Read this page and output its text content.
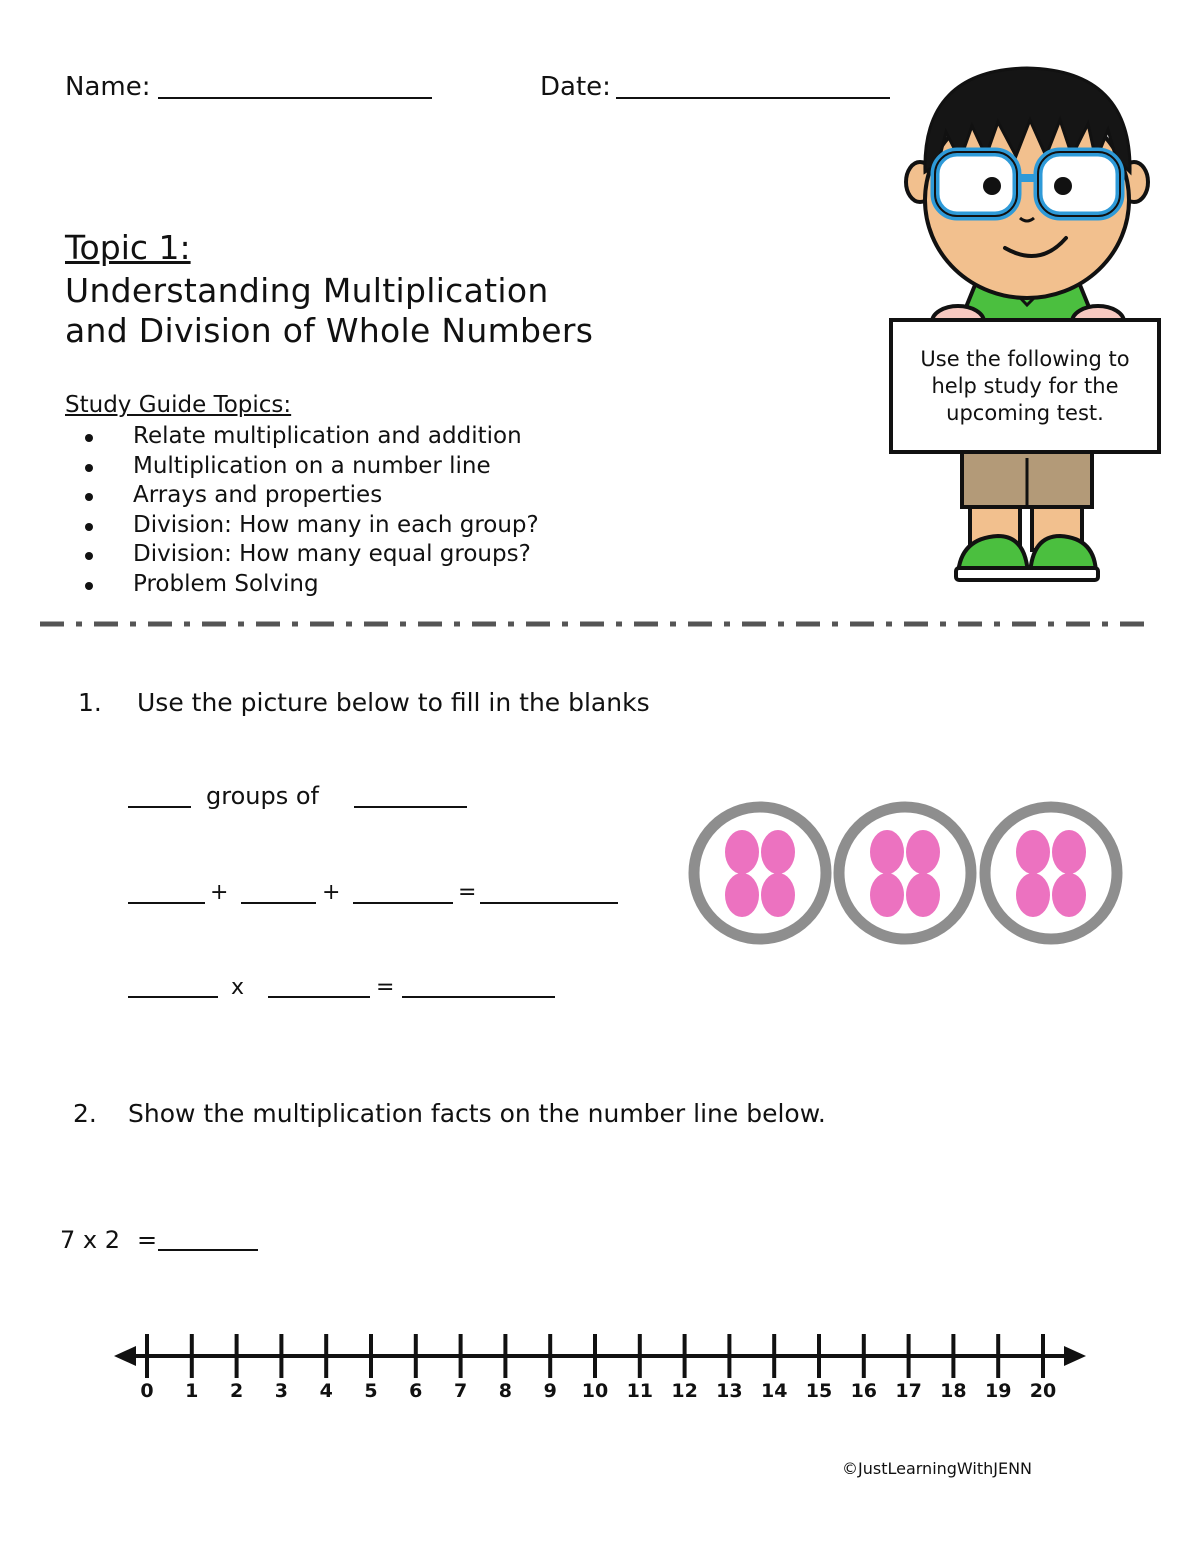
Name:	Date:
Topic 1:
Understanding Multiplication
and Division of Whole Numbers
Study Guide Topics:
Relate multiplication and addition
Multiplication on a number line
Arrays and properties
Division: How many in each group?
Division: How many equal groups?
Problem Solving
Use the following to help study for the upcoming test.
1. Use the picture below to fill in the blanks
groups of
+	+	=
x	=
2. Show the multiplication facts on the number line below.
7 x 2 =
0 1 2 3 4 5 6 7 8 9 10 11 12 13 14 15 16 17 18 19 20
©JustLearningWithJENN
